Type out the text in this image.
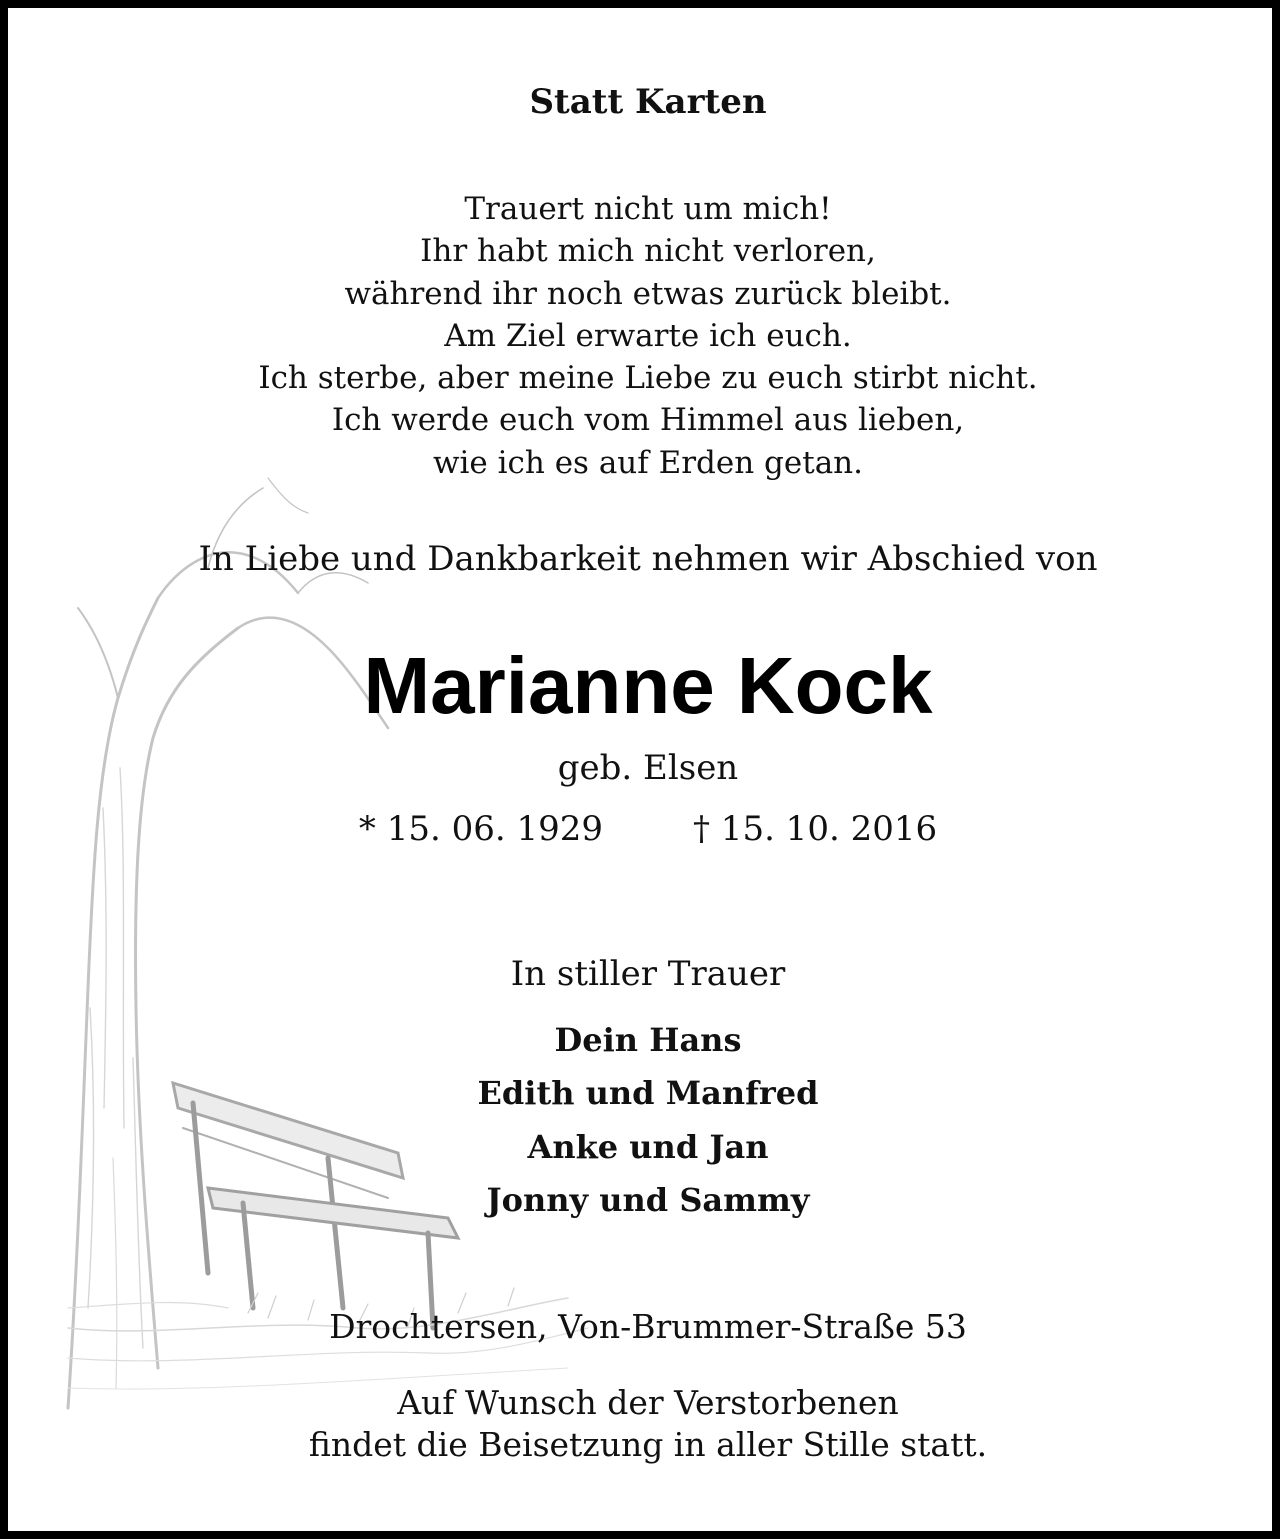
Statt Karten
Trauert nicht um mich!
Ihr habt mich nicht verloren,
während ihr noch etwas zurück bleibt.
Am Ziel erwarte ich euch.
Ich sterbe, aber meine Liebe zu euch stirbt nicht.
Ich werde euch vom Himmel aus lieben,
wie ich es auf Erden getan.
In Liebe und Dankbarkeit nehmen wir Abschied von
Marianne Kock
geb. Elsen
* 15. 06. 1929	† 15. 10. 2016
In stiller Trauer
Dein Hans
Edith und Manfred
Anke und Jan
Jonny und Sammy
Drochtersen, Von-Brummer-Straße 53
Auf Wunsch der Verstorbenen
findet die Beisetzung in aller Stille statt.
